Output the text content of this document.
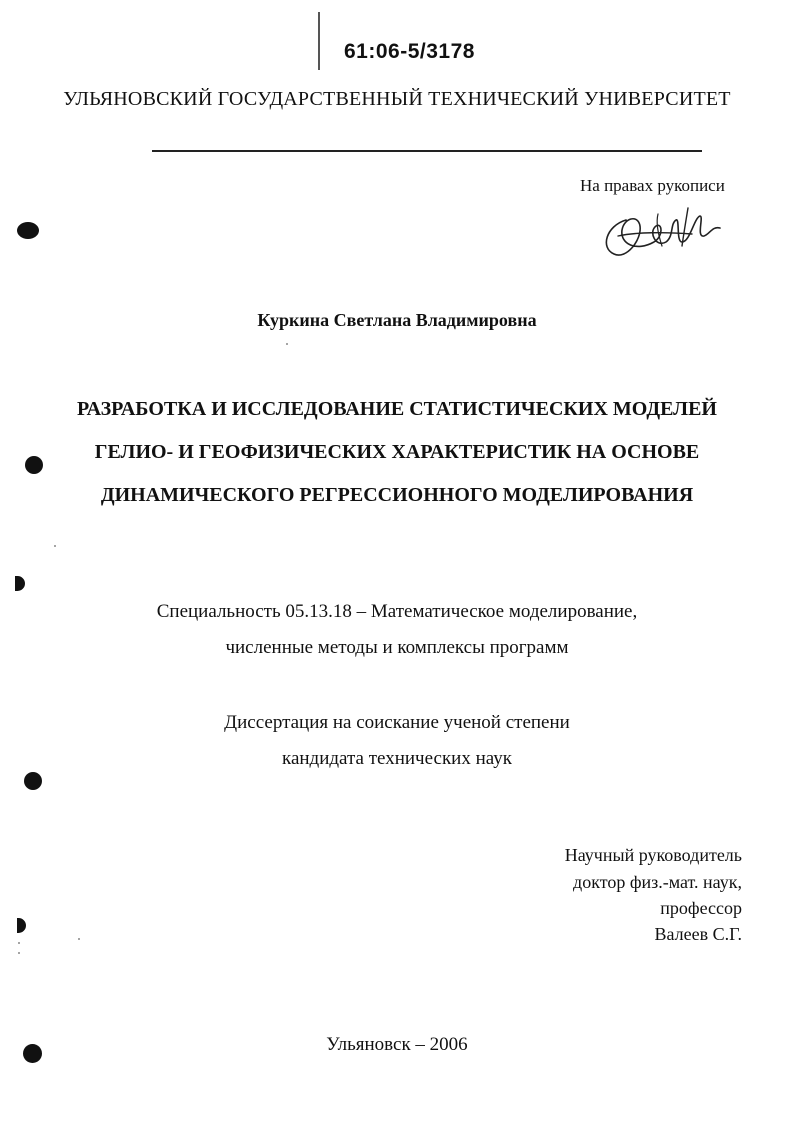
61:06-5/3178
УЛЬЯНОВСКИЙ ГОСУДАРСТВЕННЫЙ ТЕХНИЧЕСКИЙ УНИВЕРСИТЕТ
На правах рукописи
Куркина Светлана Владимировна
РАЗРАБОТКА И ИССЛЕДОВАНИЕ СТАТИСТИЧЕСКИХ МОДЕЛЕЙ
ГЕЛИО- И ГЕОФИЗИЧЕСКИХ ХАРАКТЕРИСТИК НА ОСНОВЕ
ДИНАМИЧЕСКОГО РЕГРЕССИОННОГО МОДЕЛИРОВАНИЯ
Специальность 05.13.18 – Математическое моделирование,
численные методы и комплексы программ
Диссертация на соискание ученой степени
кандидата технических наук
Научный руководитель
доктор физ.-мат. наук,
профессор
Валеев С.Г.
Ульяновск – 2006
